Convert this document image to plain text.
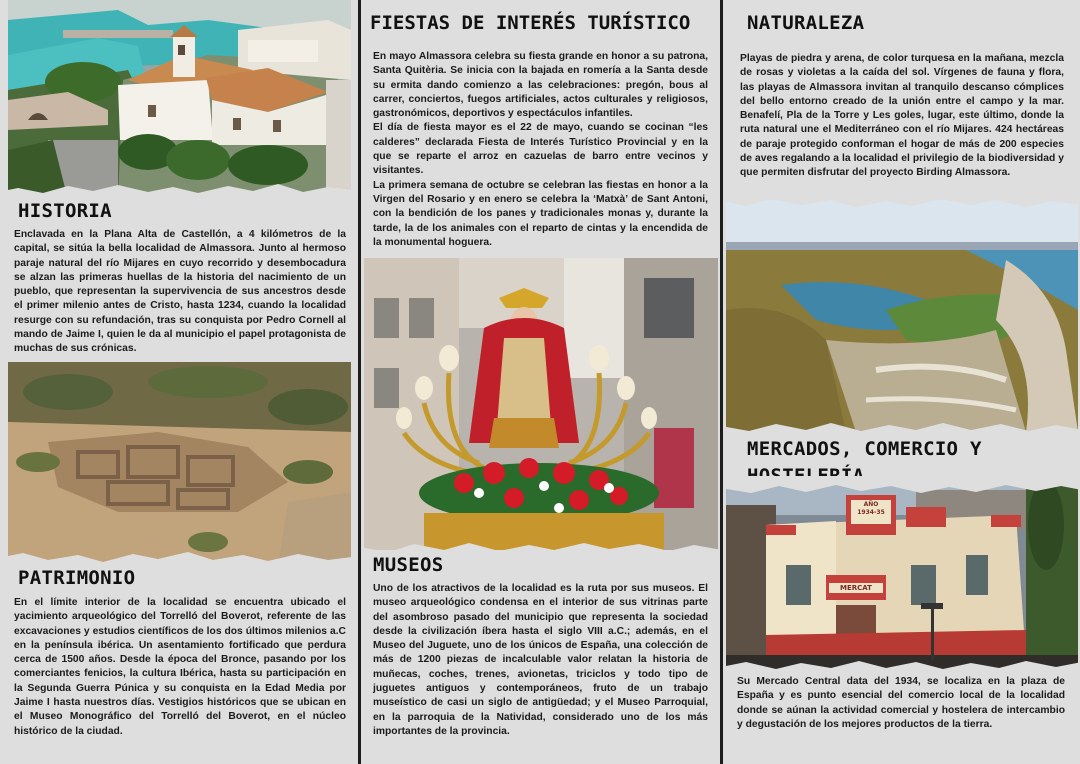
HISTORIA

Enclavada en la Plana Alta de Castellón, a 4 kilómetros de la capital, se sitúa la bella localidad de Almassora. Junto al hermoso paraje natural del río Mijares en cuyo recorrido y desembocadura se alzan las primeras huellas de la historia del nacimiento de un pueblo, que representan la supervivencia de sus ancestros desde el primer milenio antes de Cristo, hasta 1234, cuando la localidad resurge con su refundación, tras su conquista por Pedro Cornell al mando de Jaime I, quien le da al municipio el papel protagonista de muchas de sus crónicas.

PATRIMONIO

En el límite interior de la localidad se encuentra ubicado el yacimiento arqueológico del Torrelló del Boverot, referente de las excavaciones y estudios científicos de los dos últimos milenios a.C en la península ibérica. Un asentamiento fortificado que perdura cerca de 1500 años. Desde la época del Bronce, pasando por los comerciantes fenicios, la cultura Ibérica, hasta su participación en la Segunda Guerra Púnica y su conquista en la Edad Media por Jaime I hasta nuestros días. Vestigios históricos que se ubican en el Museo Monográfico del Torrelló del Boverot, en el núcleo histórico de la ciudad.

FIESTAS DE INTERÉS TURÍSTICO

En mayo Almassora celebra su fiesta grande en honor a su patrona, Santa Quitèria. Se inicia con la bajada en romería a la Santa desde su ermita dando comienzo a las celebraciones: pregón, bous al carrer, conciertos, fuegos artificiales, actos culturales y religiosos, gastronómicos, deportivos y espectáculos infantiles.

El día de fiesta mayor es el 22 de mayo, cuando se cocinan “les calderes” declarada Fiesta de Interés Turístico Provincial y en la que se reparte el arroz en cazuelas de barro entre vecinos y visitantes.

La primera semana de octubre se celebran las fiestas en honor a la Virgen del Rosario y en enero se celebra la ‘Matxà’ de Sant Antoni, con la bendición de los panes y tradicionales monas y, durante la tarde, la de los animales con el reparto de cintas y la encendida de la monumental hoguera.

MUSEOS

Uno de los atractivos de la localidad es la ruta por sus museos. El museo arqueológico condensa en el interior de sus vitrinas parte del asombroso pasado del municipio que representa la sociedad desde la civilización íbera hasta el siglo VIII a.C.; además, en el Museo del Juguete, uno de los únicos de España, una colección de más de 1200 piezas de incalculable valor relatan la historia de muñecas, coches, trenes, avionetas, triciclos y todo tipo de juguetes antiguos y contemporáneos, fruto de un trabajo museístico de casi un siglo de antigüedad; y el Museo Parroquial, en la parroquia de la Natividad, considerado uno de los más importantes de la provincia.

NATURALEZA

Playas de piedra y arena, de color turquesa en la mañana, mezcla de rosas y violetas a la caída del sol. Vírgenes de fauna y flora, las playas de Almassora invitan al tranquilo descanso cómplices del bello entorno creado de la unión entre el campo y la mar. Benafelí, Pla de la Torre y Les goles, lugar, este último, donde la ruta natural une el Mediterráneo con el río Mijares. 424 hectáreas de paraje protegido conforman el hogar de más de 200 especies de aves regalando a la localidad el privilegio de la biodiversidad y que permiten disfrutar del proyecto Birding Almassora.

MERCADOS, COMERCIO Y

AÑO
1934-35
MERCAT

Su Mercado Central data del 1934, se localiza en la plaza de España y es punto esencial del comercio local de la localidad donde se aúnan la actividad comercial y hostelera de intercambio y degustación de los mejores productos de la tierra.
